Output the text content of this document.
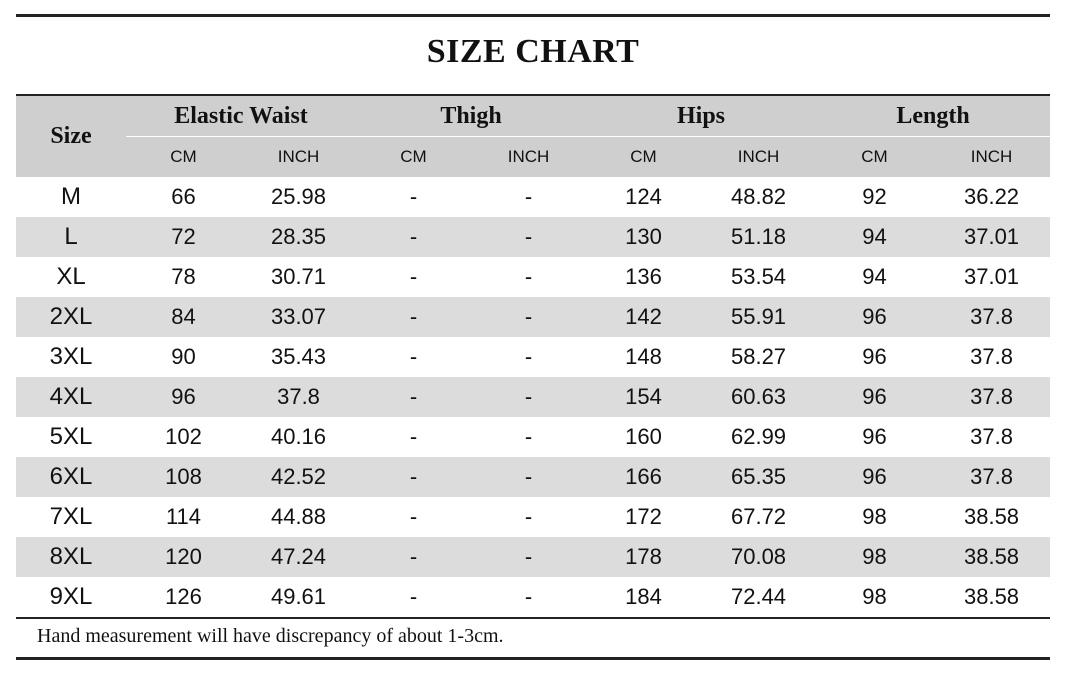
SIZE CHART
Size	Elastic Waist		Thigh		Hips		Length	
	CM	INCH	CM	INCH	CM	INCH	CM	INCH
M	66	25.98	-	-	124	48.82	92	36.22
L	72	28.35	-	-	130	51.18	94	37.01
XL	78	30.71	-	-	136	53.54	94	37.01
2XL	84	33.07	-	-	142	55.91	96	37.8
3XL	90	35.43	-	-	148	58.27	96	37.8
4XL	96	37.8	-	-	154	60.63	96	37.8
5XL	102	40.16	-	-	160	62.99	96	37.8
6XL	108	42.52	-	-	166	65.35	96	37.8
7XL	114	44.88	-	-	172	67.72	98	38.58
8XL	120	47.24	-	-	178	70.08	98	38.58
9XL	126	49.61	-	-	184	72.44	98	38.58
Hand measurement will have discrepancy of about 1-3cm.
